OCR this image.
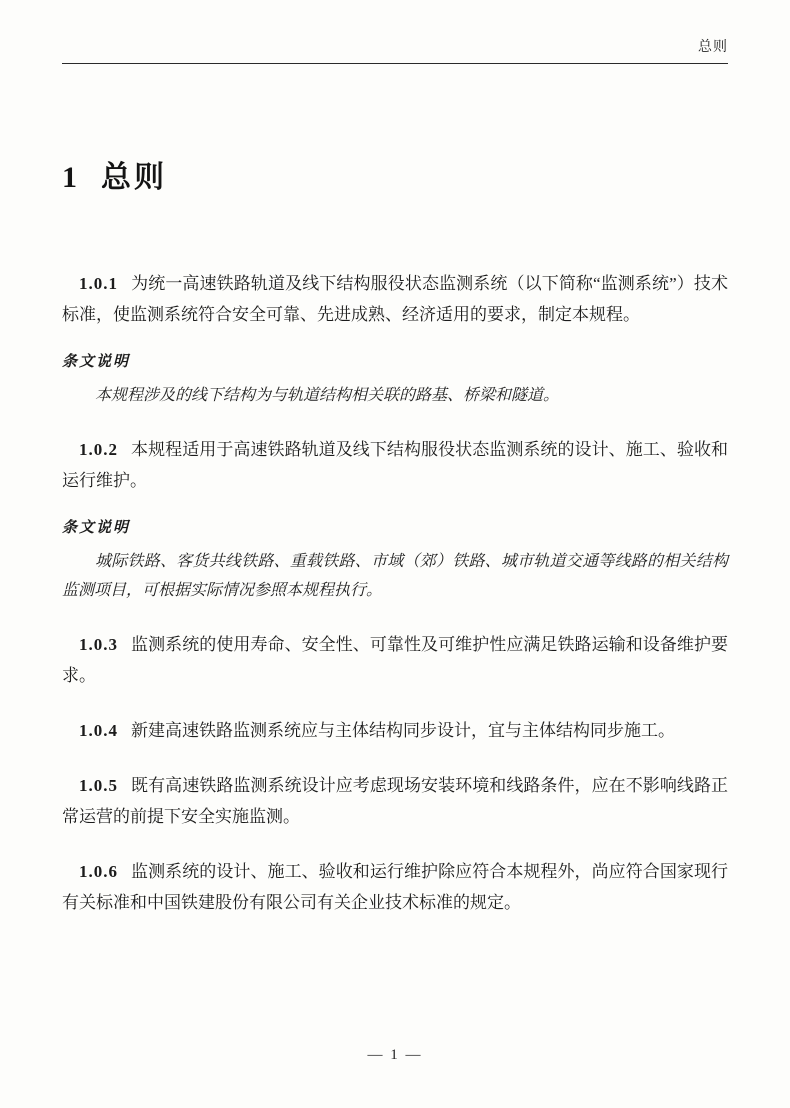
总则
1 总则

1.0.1 为统一高速铁路轨道及线下结构服役状态监测系统（以下简称“监测系统”）技术标准，使监测系统符合安全可靠、先进成熟、经济适用的要求，制定本规程。

条文说明

本规程涉及的线下结构为与轨道结构相关联的路基、桥梁和隧道。

1.0.2 本规程适用于高速铁路轨道及线下结构服役状态监测系统的设计、施工、验收和运行维护。

条文说明

城际铁路、客货共线铁路、重载铁路、市域（郊）铁路、城市轨道交通等线路的相关结构监测项目，可根据实际情况参照本规程执行。

1.0.3 监测系统的使用寿命、安全性、可靠性及可维护性应满足铁路运输和设备维护要求。

1.0.4 新建高速铁路监测系统应与主体结构同步设计，宜与主体结构同步施工。

1.0.5 既有高速铁路监测系统设计应考虑现场安装环境和线路条件，应在不影响线路正常运营的前提下安全实施监测。

1.0.6 监测系统的设计、施工、验收和运行维护除应符合本规程外，尚应符合国家现行有关标准和中国铁建股份有限公司有关企业技术标准的规定。

— 1 —
